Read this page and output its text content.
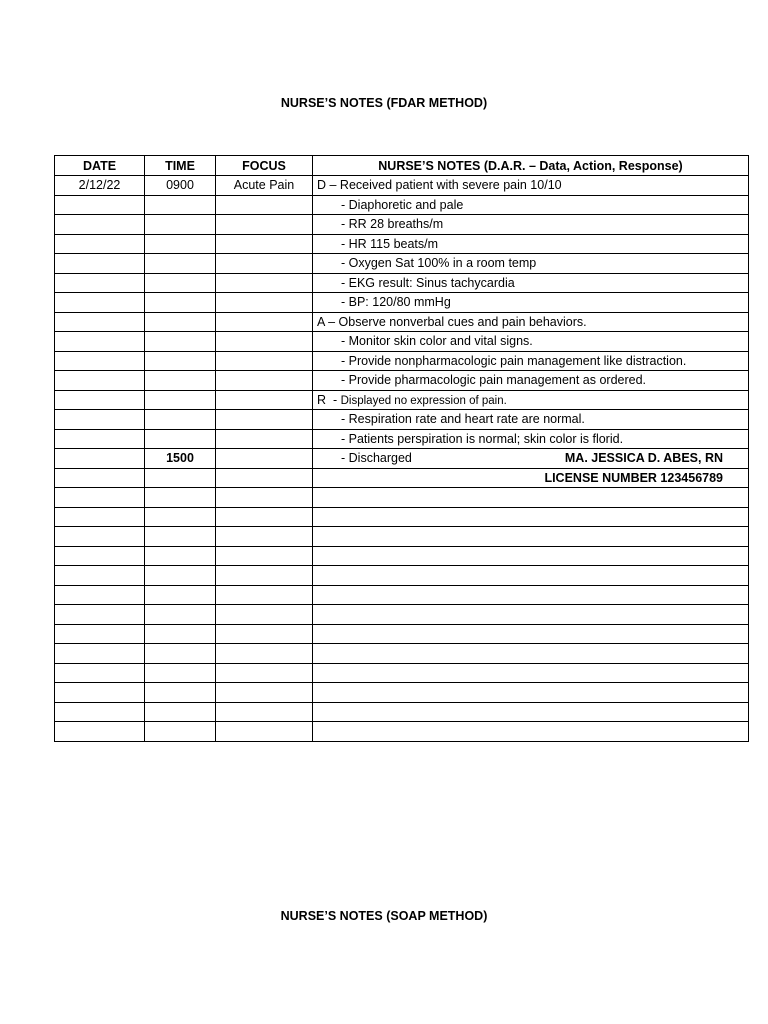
NURSE’S NOTES (FDAR METHOD)
DATE	TIME	FOCUS	NURSE’S NOTES (D.A.R. – Data, Action, Response)
2/12/22	0900	Acute Pain	D – Received patient with severe pain 10/10
			- Diaphoretic and pale
			- RR 28 breaths/m
			- HR 115 beats/m
			- Oxygen Sat 100% in a room temp
			- EKG result: Sinus tachycardia
			- BP: 120/80 mmHg
			A – Observe nonverbal cues and pain behaviors.
			- Monitor skin color and vital signs.
			- Provide nonpharmacologic pain management like distraction.
			- Provide pharmacologic pain management as ordered.
			R  - Displayed no expression of pain.
			- Respiration rate and heart rate are normal.
			- Patients perspiration is normal; skin color is florid.
	1500		- Discharged MA. JESSICA D. ABES, RN

			LICENSE NUMBER 123456789

NURSE’S NOTES (SOAP METHOD)
